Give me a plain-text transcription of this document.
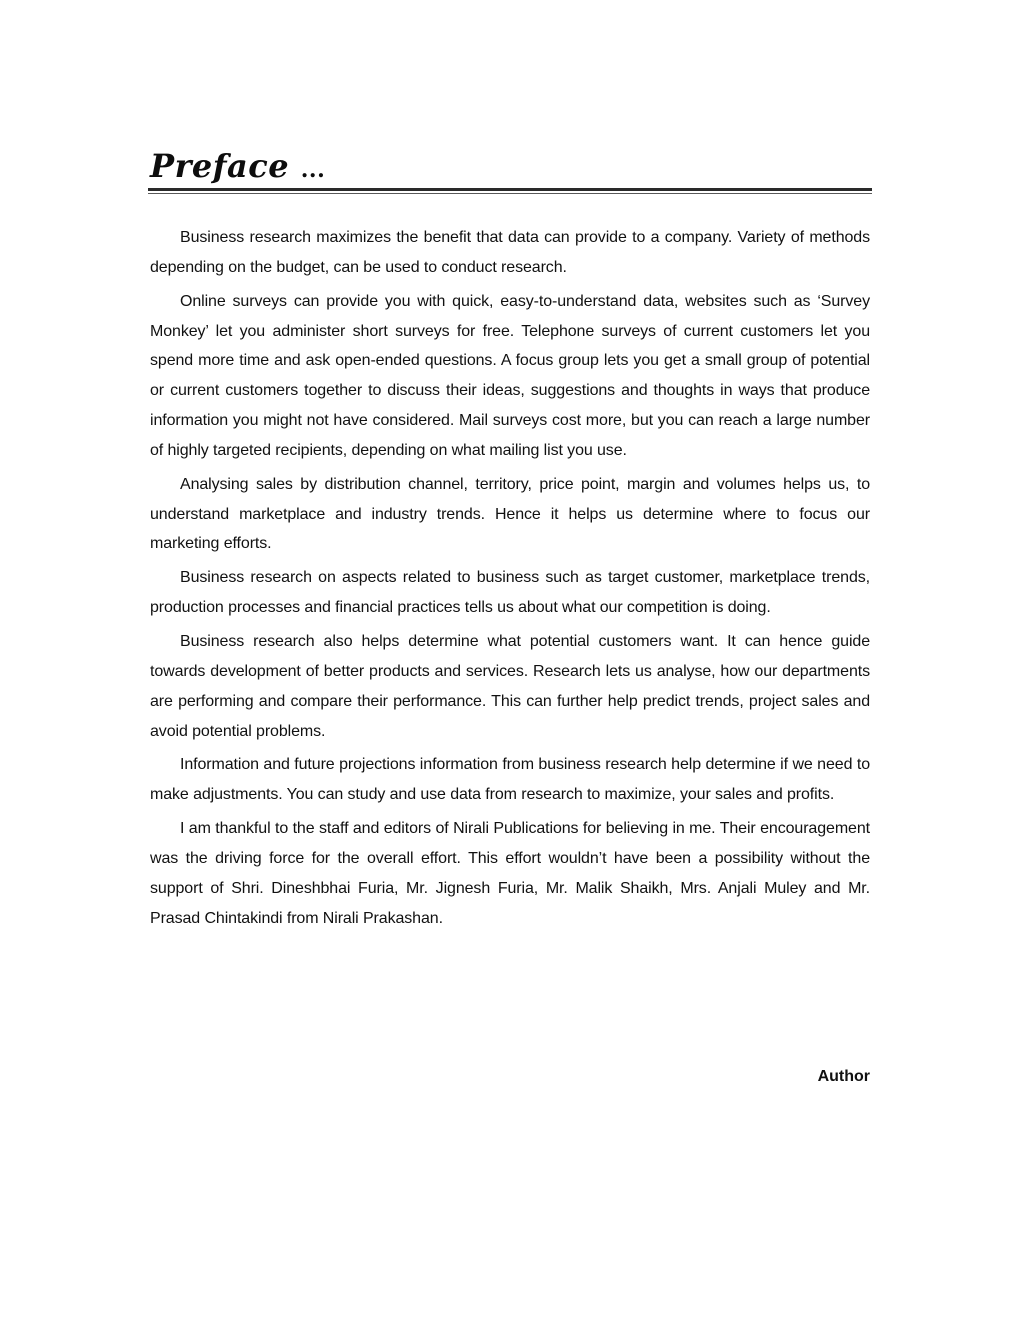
Preface ...

Business research maximizes the benefit that data can provide to a company. Variety of methods depending on the budget, can be used to conduct research.

Online surveys can provide you with quick, easy-to-understand data, websites such as ‘Survey Monkey’ let you administer short surveys for free. Telephone surveys of current customers let you spend more time and ask open-ended questions. A focus group lets you get a small group of potential or current customers together to discuss their ideas, suggestions and thoughts in ways that produce information you might not have considered. Mail surveys cost more, but you can reach a large number of highly targeted recipients, depending on what mailing list you use.

Analysing sales by distribution channel, territory, price point, margin and volumes helps us, to understand marketplace and industry trends. Hence it helps us determine where to focus our marketing efforts.

Business research on aspects related to business such as target customer, marketplace trends, production processes and financial practices tells us about what our competition is doing.

Business research also helps determine what potential customers want. It can hence guide towards development of better products and services. Research lets us analyse, how our departments are performing and compare their performance. This can further help predict trends, project sales and avoid potential problems.

Information and future projections information from business research help determine if we need to make adjustments. You can study and use data from research to maximize, your sales and profits.

I am thankful to the staff and editors of Nirali Publications for believing in me. Their encouragement was the driving force for the overall effort. This effort wouldn’t have been a possibility without the support of Shri. Dineshbhai Furia, Mr. Jignesh Furia, Mr. Malik Shaikh, Mrs. Anjali Muley and Mr. Prasad Chintakindi from Nirali Prakashan.

Author
